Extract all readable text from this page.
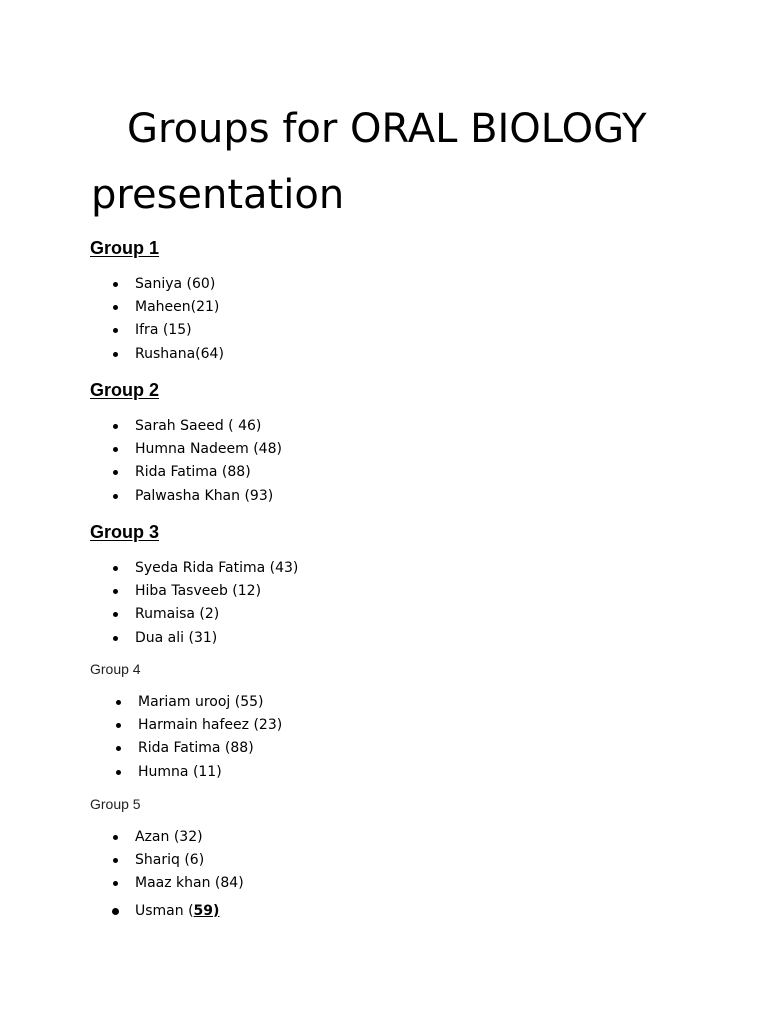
Groups for ORAL BIOLOGY presentation
Group 1
Saniya (60)
Maheen(21)
Ifra (15)
Rushana(64)
Group 2
Sarah Saeed ( 46)
Humna Nadeem (48)
Rida Fatima (88)
Palwasha Khan (93)
Group 3
Syeda Rida Fatima (43)
Hiba Tasveeb (12)
Rumaisa (2)
Dua ali (31)
Group 4
Mariam urooj (55)
Harmain hafeez (23)
Rida Fatima (88)
Humna (11)
Group 5
Azan (32)
Shariq (6)
Maaz khan (84)
Usman (59)
